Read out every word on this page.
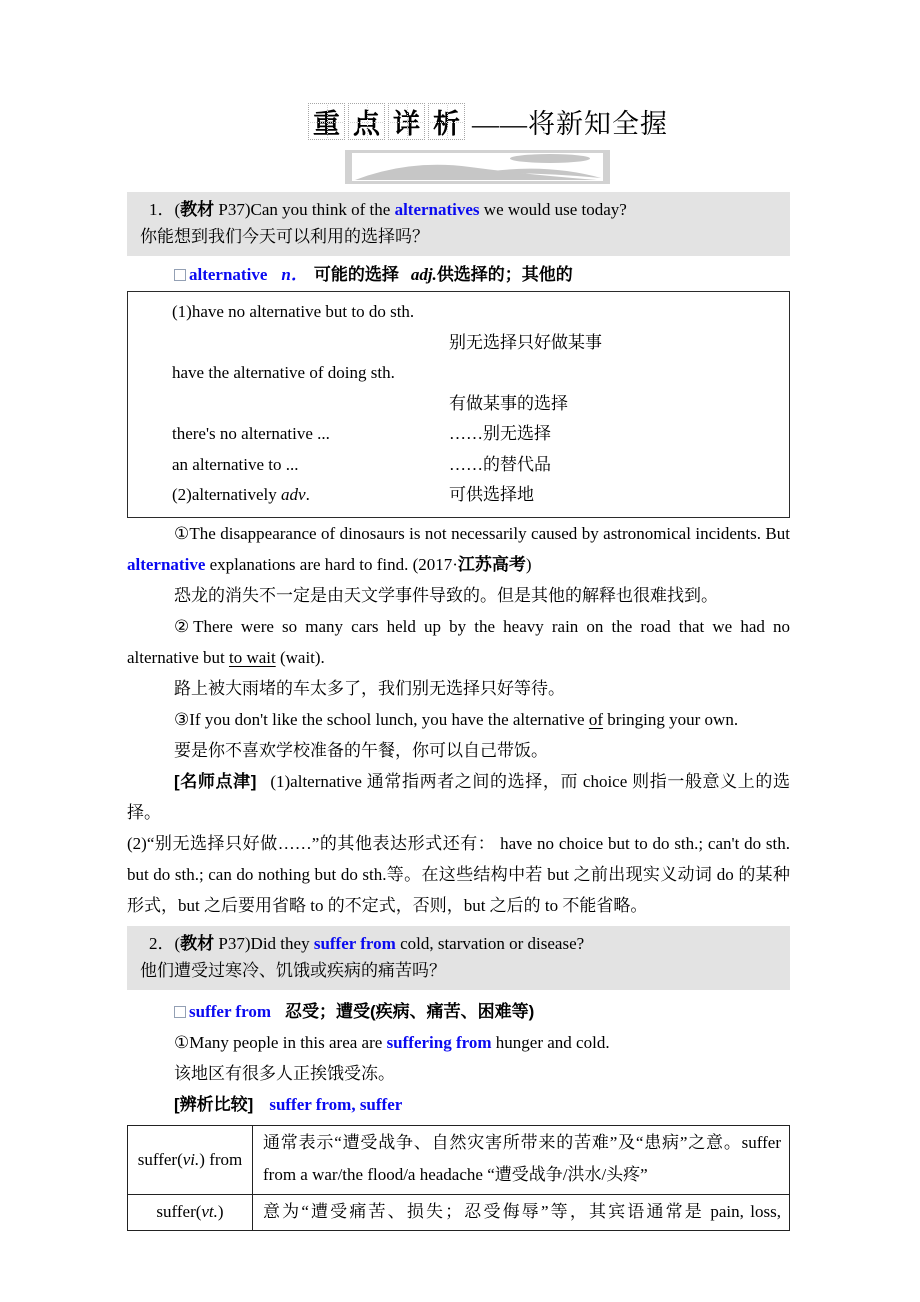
重 点 详 析 ——将新知全握

1．(教材 P37)Can you think of the alternatives we would use today?

你能想到我们今天可以利用的选择吗？

alternative n． 可能的选择 adj.供选择的；其他的

(1)have no alternative but to do sth.
别无选择只好做某事
have the alternative of doing sth.
有做某事的选择
there's no alternative ...	……别无选择
an alternative to ...	……的替代品
(2)alternatively adv.	可供选择地

①The disappearance of dinosaurs is not necessarily caused by astronomical incidents. But alternative explanations are hard to find. (2017·江苏高考)

恐龙的消失不一定是由天文学事件导致的。但是其他的解释也很难找到。

②There were so many cars held up by the heavy rain on the road that we had no alternative but to wait (wait).

路上被大雨堵的车太多了，我们别无选择只好等待。

③If you don't like the school lunch, you have the alternative of bringing your own.

要是你不喜欢学校准备的午餐，你可以自己带饭。

[名师点津] (1)alternative 通常指两者之间的选择，而 choice 则指一般意义上的选择。

(2)“别无选择只好做……”的其他表达形式还有： have no choice but to do sth.; can't do sth. but do sth.; can do nothing but do sth.等。在这些结构中若 but 之前出现实义动词 do 的某种形式，but 之后要用省略 to 的不定式，否则，but 之后的 to 不能省略。

2．(教材 P37)Did they suffer from cold, starvation or disease?

他们遭受过寒冷、饥饿或疾病的痛苦吗？

suffer from 忍受；遭受(疾病、痛苦、困难等)

①Many people in this area are suffering from hunger and cold.

该地区有很多人正挨饿受冻。

[辨析比较] suffer from, suffer

suffer(vi.) from	通常表示“遭受战争、自然灾害所带来的苦难”及“患病”之意。suffer from a war/the flood/a headache “遭受战争/洪水/头疼”
suffer(vt.)	意为“遭受痛苦、损失；忍受侮辱”等，其宾语通常是 pain, loss,
